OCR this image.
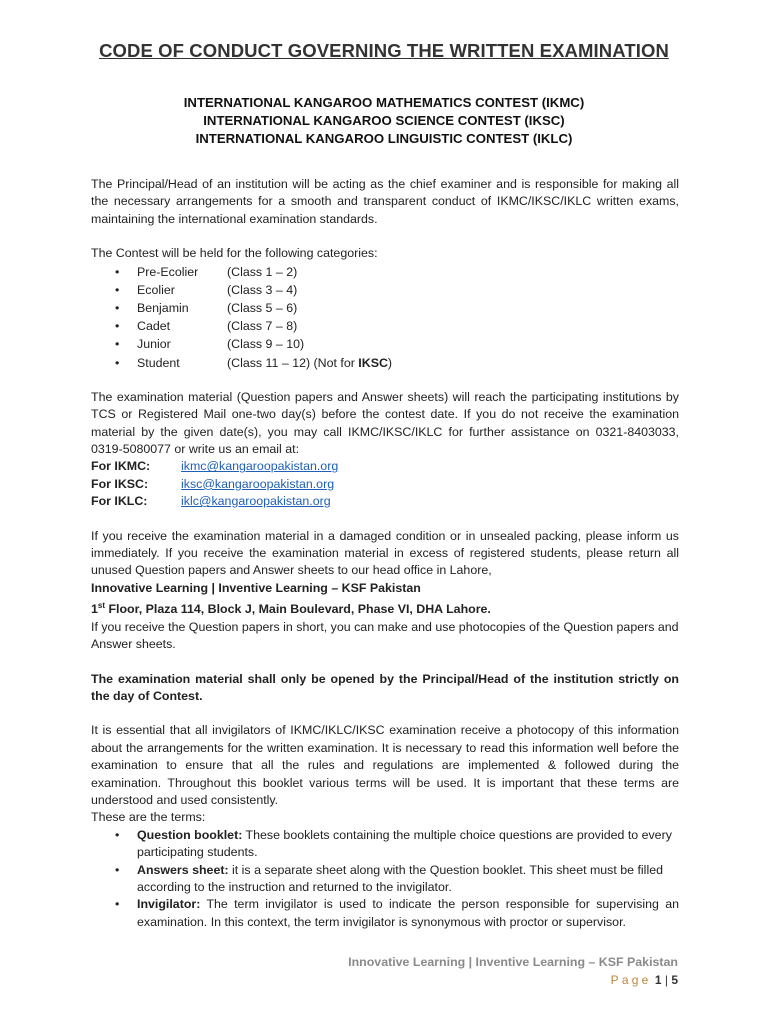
CODE OF CONDUCT GOVERNING THE WRITTEN EXAMINATION
INTERNATIONAL KANGAROO MATHEMATICS CONTEST (IKMC)
INTERNATIONAL KANGAROO SCIENCE CONTEST (IKSC)
INTERNATIONAL KANGAROO LINGUISTIC CONTEST (IKLC)

The Principal/Head of an institution will be acting as the chief examiner and is responsible for making all the necessary arrangements for a smooth and transparent conduct of IKMC/IKSC/IKLC written exams, maintaining the international examination standards.

The Contest will be held for the following categories:

• Pre-Ecolier (Class 1 – 2)
• Ecolier	(Class 3 – 4)
• Benjamin	(Class 5 – 6)
• Cadet	(Class 7 – 8)
• Junior	(Class 9 – 10)
• Student	(Class 11 – 12) (Not for IKSC)

The examination material (Question papers and Answer sheets) will reach the participating institutions by TCS or Registered Mail one-two day(s) before the contest date. If you do not receive the examination material by the given date(s), you may call IKMC/IKSC/IKLC for further assistance on 0321-8403033, 0319-5080077 or write us an email at:

For IKMC:	ikmc@kangaroopakistan.org
For IKSC:	iksc@kangaroopakistan.org
For IKLC:	iklc@kangaroopakistan.org

If you receive the examination material in a damaged condition or in unsealed packing, please inform us immediately. If you receive the examination material in excess of registered students, please return all unused Question papers and Answer sheets to our head office in Lahore,

Innovative Learning | Inventive Learning – KSF Pakistan

1st Floor, Plaza 114, Block J, Main Boulevard, Phase VI, DHA Lahore.

If you receive the Question papers in short, you can make and use photocopies of the Question papers and Answer sheets.

The examination material shall only be opened by the Principal/Head of the institution strictly on the day of Contest.

It is essential that all invigilators of IKMC/IKLC/IKSC examination receive a photocopy of this information about the arrangements for the written examination. It is necessary to read this information well before the examination to ensure that all the rules and regulations are implemented & followed during the examination. Throughout this booklet various terms will be used. It is important that these terms are understood and used consistently.

These are the terms:

• Question booklet: These booklets containing the multiple choice questions are provided to every participating students.
• Answers sheet: it is a separate sheet along with the Question booklet. This sheet must be filled according to the instruction and returned to the invigilator.
• Invigilator: The term invigilator is used to indicate the person responsible for supervising an examination. In this context, the term invigilator is synonymous with proctor or supervisor.
Innovative Learning | Inventive Learning – KSF Pakistan
Page 1 | 5
